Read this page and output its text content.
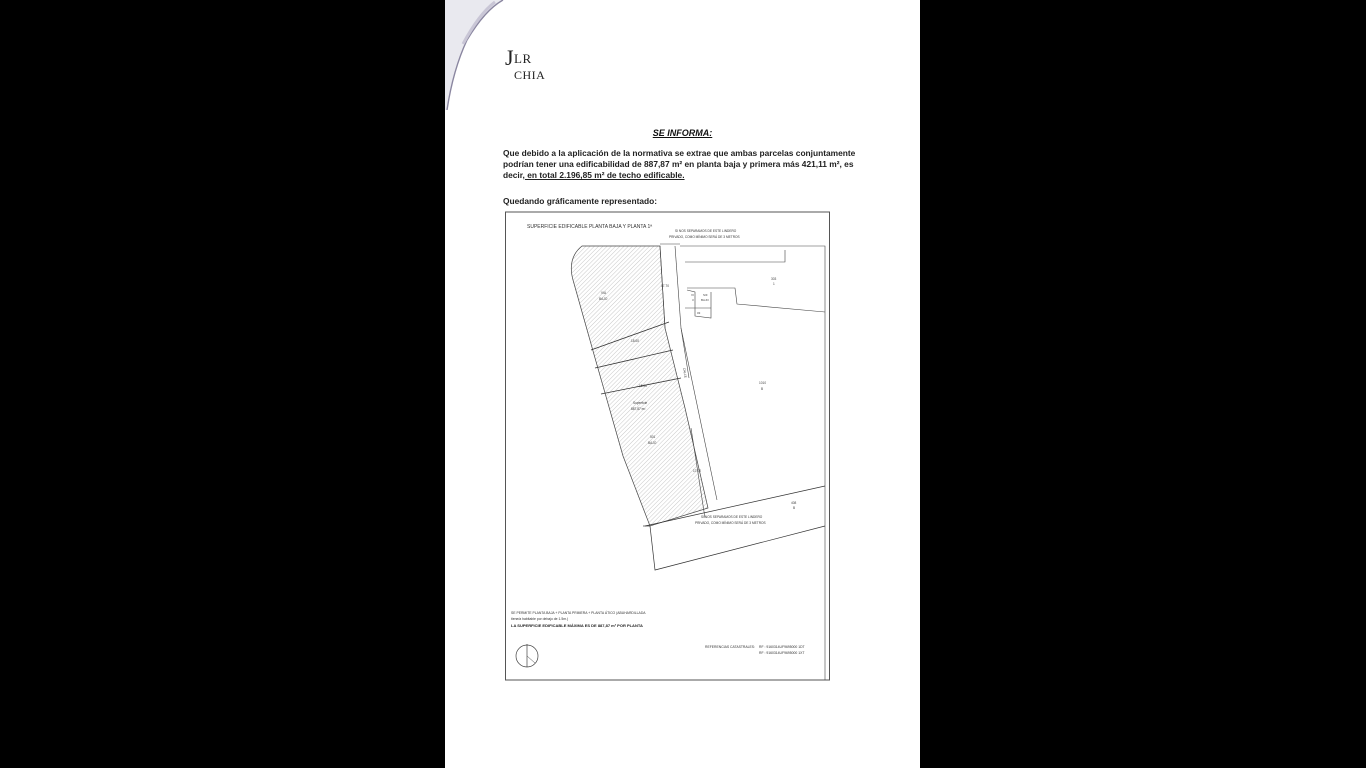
J LR
CHIA
SE INFORMA:
Que debido a la aplicación de la normativa se extrae que ambas parcelas conjuntamente podrían tener una edificabilidad de 887,87 m² en planta baja y primera más 421,11 m², es decir, en total 2.196,85 m² de techo edificable.
Quedando gráficamente representado:
SUPERFICIE EDIFICABLE PLANTA BAJA Y PLANTA 1ª
SI NOS SEPARAMOS DE ESTE LINDERO
PRIVADO, COMO MÍNIMO SERÁ DE 3 METROS
VIA
BAJO
17.70
15.00
15.00
Superficie
887,87 m²
501
BAJO
17.00
CALLE
1010
B
303
1
408
B
VI
3
SIF
BAJO
03
SI NOS SEPARAMOS DE ESTE LINDERO
PRIVADO, COMO MÍNIMO SERÁ DE 3 METROS
SE PERMITE PLANTA BAJA + PLANTA PRIMERA + PLANTA ÁTICO (ABUHARDILLADA
tiene/a habitable por debajo de 1.5m.)
LA SUPERFICIE EDIFICABLE MÁXIMA ES DE 887,87 m² POR PLANTA
REFERENCIAS CATASTRALES: RF : 9160314UF9695000 1DT
RF : 9160314UF9695000 1XT
